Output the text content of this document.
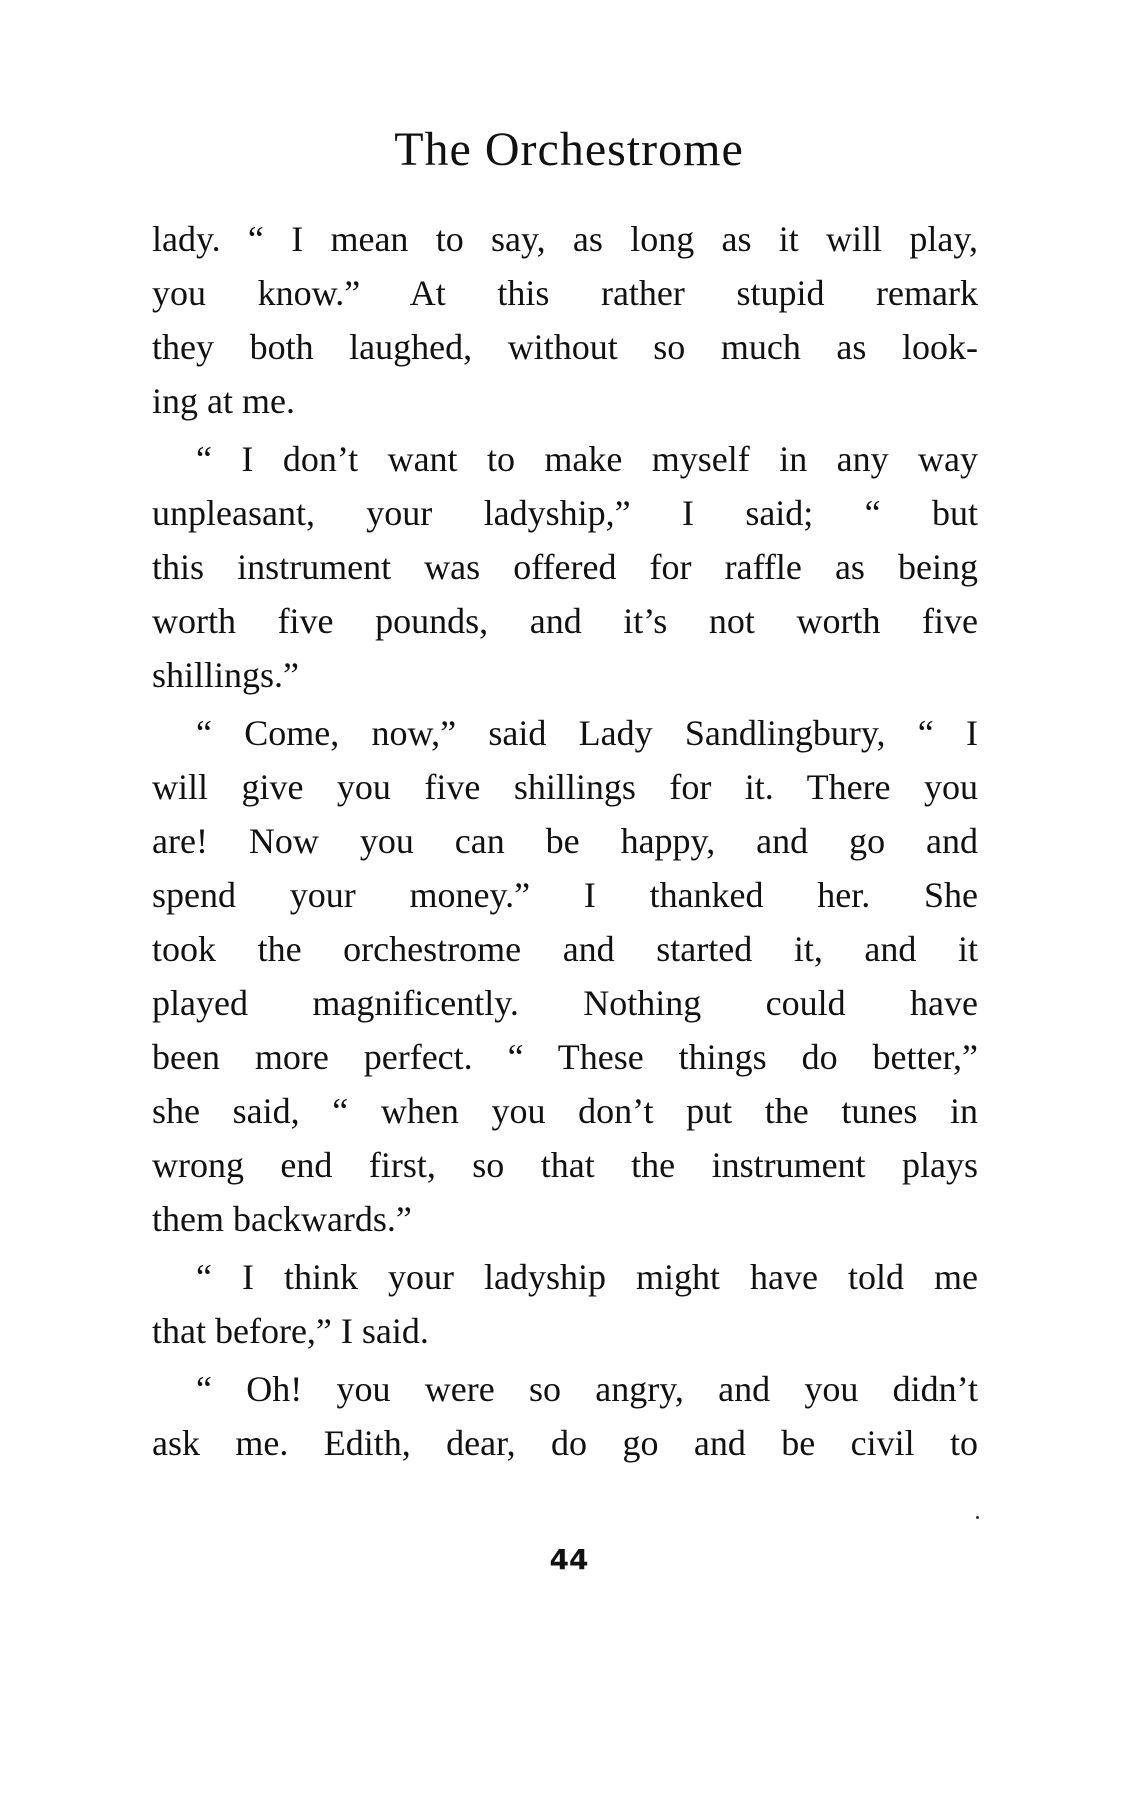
The Orchestrome
lady. “ I mean to say, as long as it will play,
you know.” At this rather stupid remark
they both laughed, without so much as look-
ing at me.
“ I don’t want to make myself in any way
unpleasant, your ladyship,” I said; “ but
this instrument was offered for raffle as being
worth five pounds, and it’s not worth five
shillings.”
“ Come, now,” said Lady Sandlingbury, “ I
will give you five shillings for it. There you
are! Now you can be happy, and go and
spend your money.” I thanked her. She
took the orchestrome and started it, and it
played magnificently. Nothing could have
been more perfect. “ These things do better,”
she said, “ when you don’t put the tunes in
wrong end first, so that the instrument plays
them backwards.”
“ I think your ladyship might have told me
that before,” I said.
“ Oh! you were so angry, and you didn’t
ask me. Edith, dear, do go and be civil to
44
